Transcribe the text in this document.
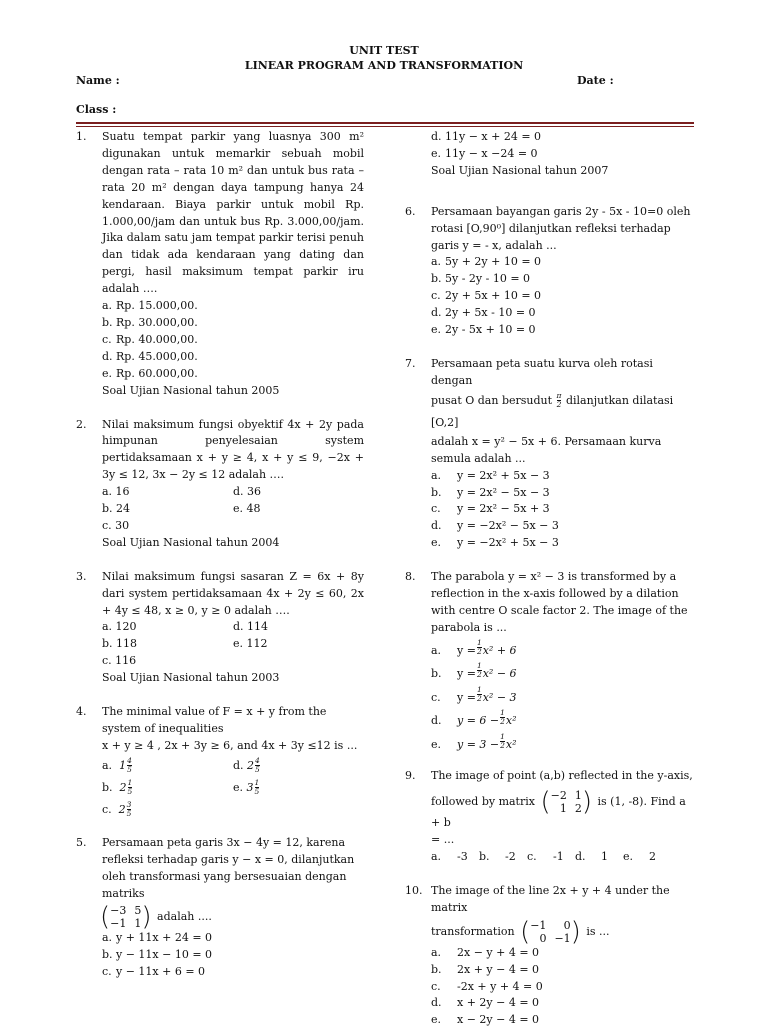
UNIT TEST
LINEAR PROGRAM AND TRANSFORMATION
Name :	Date :
Class :
1. Suatu tempat parkir yang luasnya 300 m² digunakan untuk memarkir sebuah mobil dengan rata – rata 10 m² dan untuk bus rata – rata 20 m² dengan daya tampung hanya 24 kendaraan. Biaya parkir untuk mobil Rp. 1.000,00/jam dan untuk bus Rp. 3.000,00/jam. Jika dalam satu jam tempat parkir terisi penuh dan tidak ada kendaraan yang dating dan pergi, hasil maksimum tempat parkir iru adalah ….

a. Rp. 15.000,00.
b. Rp. 30.000,00.
c. Rp. 40.000,00.
d. Rp. 45.000,00.
e. Rp. 60.000,00.

Soal Ujian Nasional tahun 2005

2. Nilai maksimum fungsi obyektif 4x + 2y pada himpunan penyelesaian system pertidaksamaan x + y ≥ 4, x + y ≤ 9, −2x + 3y ≤ 12, 3x − 2y ≤ 12 adalah ….

a. 16	d. 36
b. 24	e. 48
c. 30

Soal Ujian Nasional tahun 2004

3. Nilai maksimum fungsi sasaran Z = 6x + 8y dari system pertidaksamaan 4x + 2y ≤ 60, 2x + 4y ≤ 48, x ≥ 0, y ≥ 0 adalah ….

a. 120	d. 114
b. 118	e. 112
c. 116

Soal Ujian Nasional tahun 2003

4. The minimal value of F = x + y from the system of inequalities

x + y ≥ 4 , 2x + 3y ≥ 6, and 4x + 3y ≤12 is ...

a. $1 \frac{4}{5}$	d. $2 \frac{4}{5}$
b. $2 \frac{1}{5}$	e. $3 \frac{1}{5}$
c. $2 \frac{3}{5}$
5. Persamaan peta garis 3x − 4y = 12, karena refleksi terhadap garis y − x = 0, dilanjutkan oleh transformasi yang bersesuaian dengan matriks

( −3 5
−1 1 ) adalah ....
a. y + 11x + 24 = 0
b. y − 11x − 10 = 0
c. y − 11x + 6 = 0
d. 11y − x + 24 = 0
e. 11y − x −24 = 0

Soal Ujian Nasional tahun 2007

6. Persamaan bayangan garis 2y - 5x - 10=0 oleh rotasi [O,90⁰] dilanjutkan refleksi terhadap garis y = - x, adalah ...

a. 5y + 2y + 10 = 0
b. 5y - 2y - 10 = 0
c. 2y + 5x + 10 = 0
d. 2y + 5x - 10 = 0
e. 2y - 5x + 10 = 0
7. Persamaan peta suatu kurva oleh rotasi dengan

pusat O dan bersudut $\frac{\pi}{2}$ dilanjutkan dilatasi [O,2]

adalah x = y² − 5x + 6. Persamaan kurva semula adalah ...

a.	y = 2x² + 5x − 3
b.	y = 2x² − 5x − 3
c.	y = 2x² − 5x + 3
d.	y = −2x² − 5x − 3
e.	y = −2x² + 5x − 3
8. The parabola y = x² − 3 is transformed by a reflection in the x-axis followed by a dilation with centre O scale factor 2. The image of the parabola is ...

a.	$y = \frac{1}{2} x^2 + 6$
b.	$y = \frac{1}{2} x^2 - 6$
c.	$y = \frac{1}{2} x^2 - 3$
d.	$y = 6 - \frac{1}{2} x^2$
e.	$y = 3 - \frac{1}{2} x^2$
9. The image of point (a,b) reflected in the y-axis,

followed by matrix ( −2 1
1 2 ) is (1, -8). Find a + b

= ...

a.	-3 b.	-2 c.	-1 d.	1 e.	2
10. The image of the line 2x + y + 4 under the matrix

transformation ( −1	0
0 −1 ) is ...
a.	2x − y + 4 = 0
b.	2x + y − 4 = 0
c.	-2x + y + 4 = 0
d.	x + 2y − 4 = 0
e.	x − 2y − 4 = 0
